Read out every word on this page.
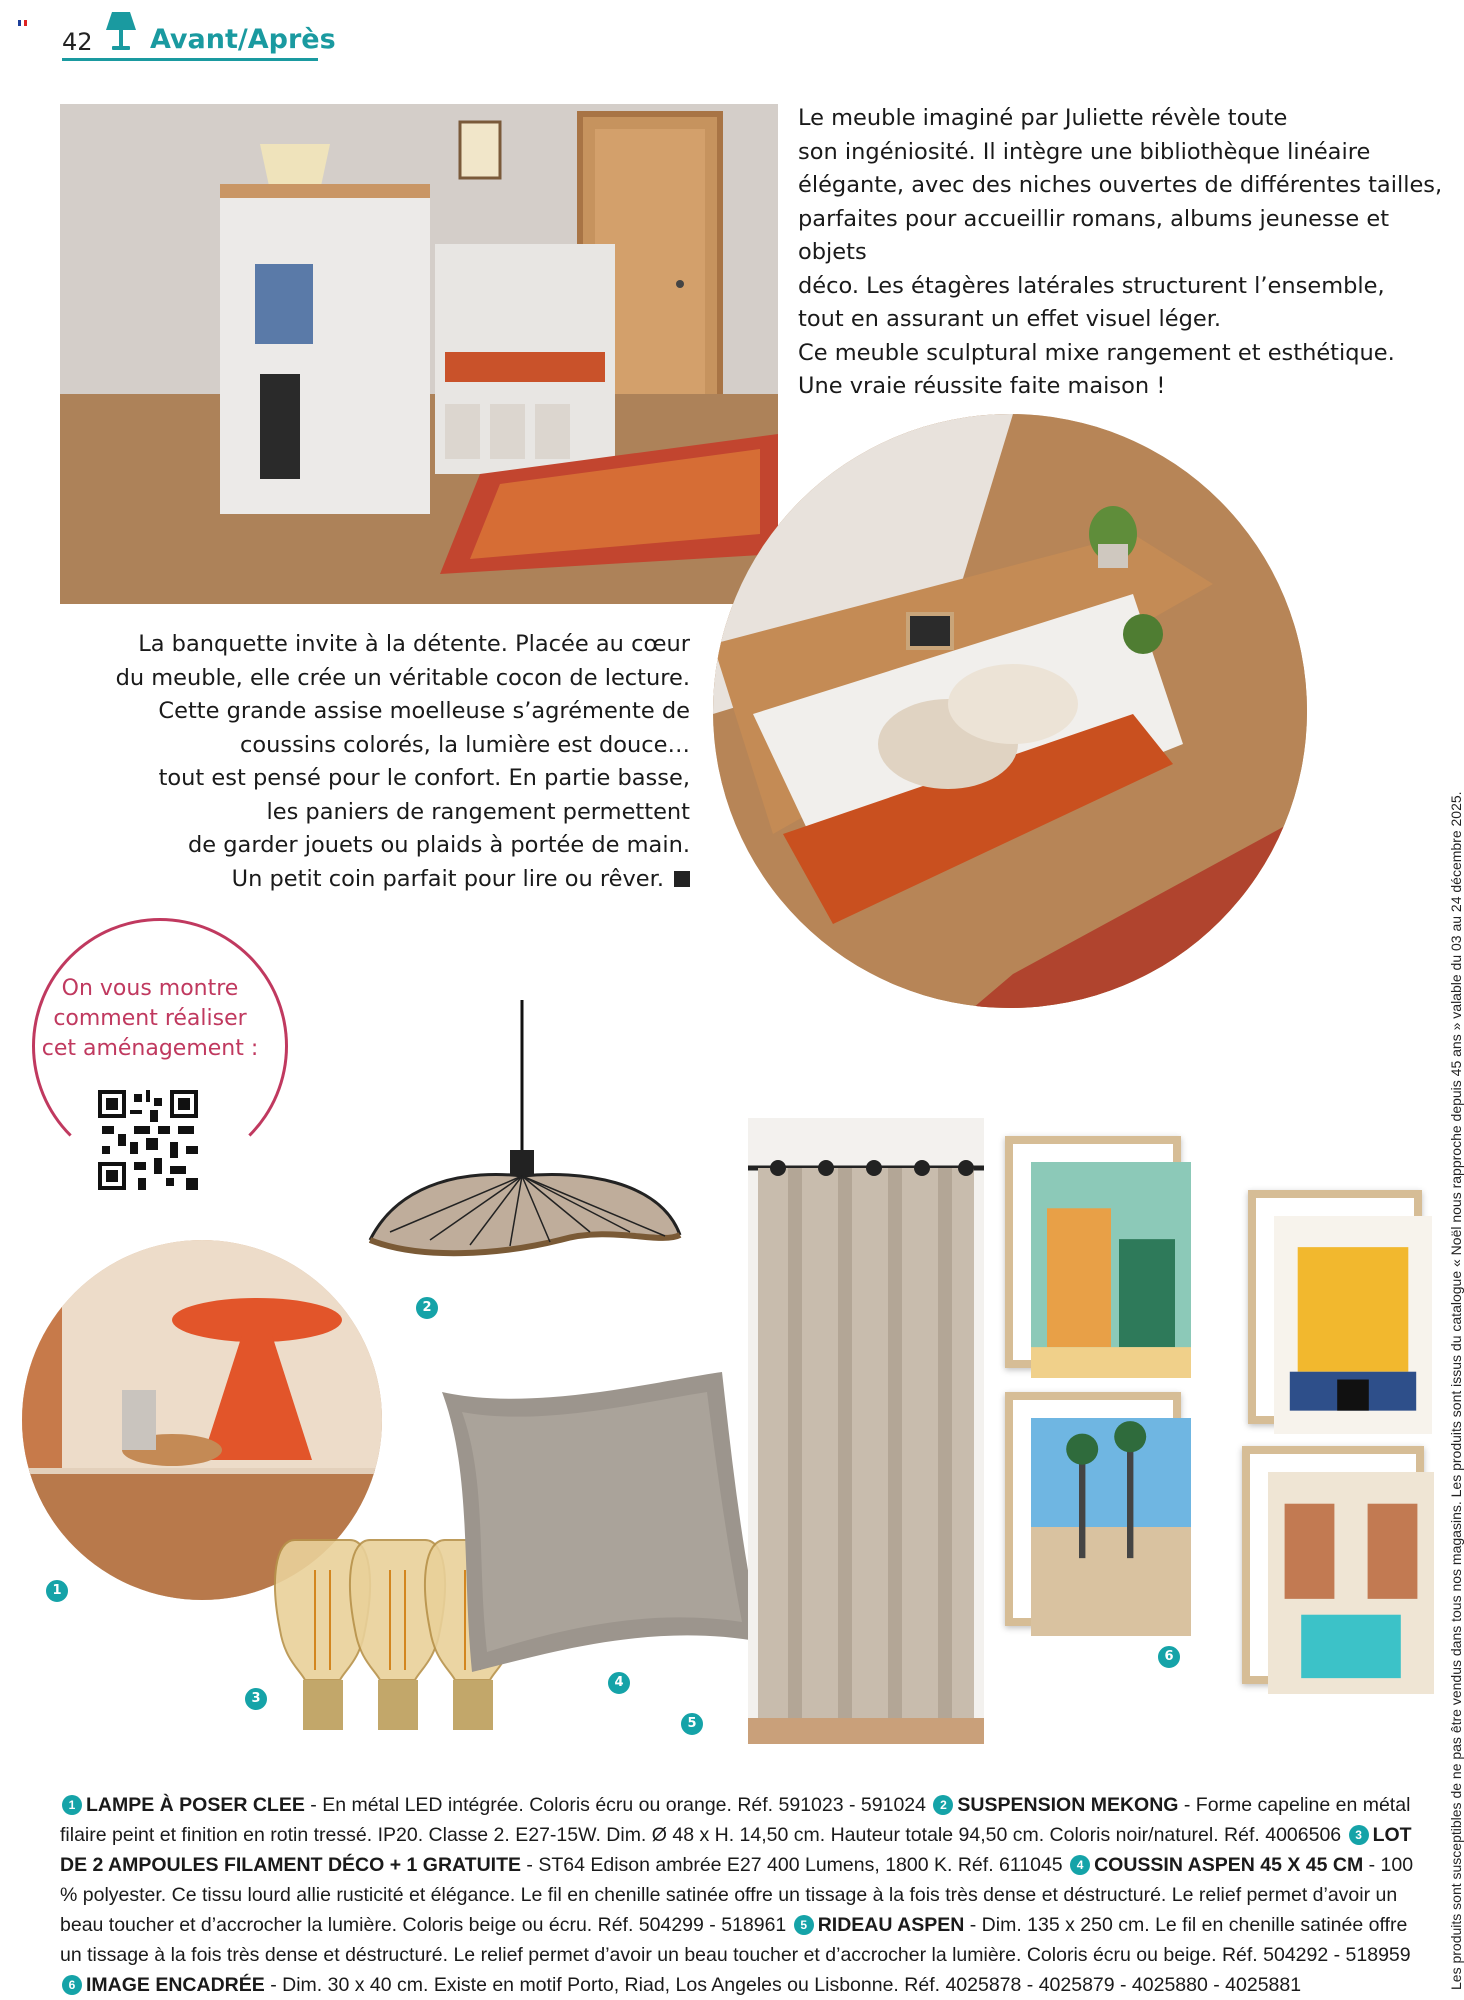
42 Avant/Après
Le meuble imaginé par Juliette révèle toute
son ingéniosité. Il intègre une bibliothèque linéaire
élégante, avec des niches ouvertes de différentes tailles,
parfaites pour accueillir romans, albums jeunesse et objets
déco. Les étagères latérales structurent l’ensemble,
tout en assurant un effet visuel léger.
Ce meuble sculptural mixe rangement et esthétique.
Une vraie réussite faite maison !
La banquette invite à la détente. Placée au cœur
du meuble, elle crée un véritable cocon de lecture.
Cette grande assise moelleuse s’agrémente de
coussins colorés, la lumière est douce…
tout est pensé pour le confort. En partie basse,
les paniers de rangement permettent
de garder jouets ou plaids à portée de main.
Un petit coin parfait pour lire ou rêver.
On vous montre
comment réaliser
cet aménagement :
1
2
3
4
5
6
1 LAMPE À POSER CLEE - En métal LED intégrée. Coloris écru ou orange. Réf. 591023 - 591024 2 SUSPENSION MEKONG - Forme capeline en métal filaire peint et finition en rotin tressé. IP20. Classe 2. E27-15W. Dim. Ø 48 x H. 14,50 cm. Hauteur totale 94,50 cm. Coloris noir/naturel. Réf. 4006506 3 LOT DE 2 AMPOULES FILAMENT DÉCO + 1 GRATUITE - ST64 Edison ambrée E27 400 Lumens, 1800 K. Réf. 611045 4 COUSSIN ASPEN 45 X 45 CM - 100 % polyester. Ce tissu lourd allie rusticité et élégance. Le fil en chenille satinée offre un tissage à la fois très dense et déstructuré. Le relief permet d’avoir un beau toucher et d’accrocher la lumière. Coloris beige ou écru. Réf. 504299 - 518961 5 RIDEAU ASPEN - Dim. 135 x 250 cm. Le fil en chenille satinée offre un tissage à la fois très dense et déstructuré. Le relief permet d’avoir un beau toucher et d’accrocher la lumière. Coloris écru ou beige. Réf. 504292 - 518959 6 IMAGE ENCADRÉE - Dim. 30 x 40 cm. Existe en motif Porto, Riad, Los Angeles ou Lisbonne. Réf. 4025878 - 4025879 - 4025880 - 4025881	Les produits sont susceptibles de ne pas être vendus dans tous nos magasins. Les produits sont issus du catalogue « Noël nous rapproche depuis 45 ans » valable du 03 au 24 décembre 2025.
